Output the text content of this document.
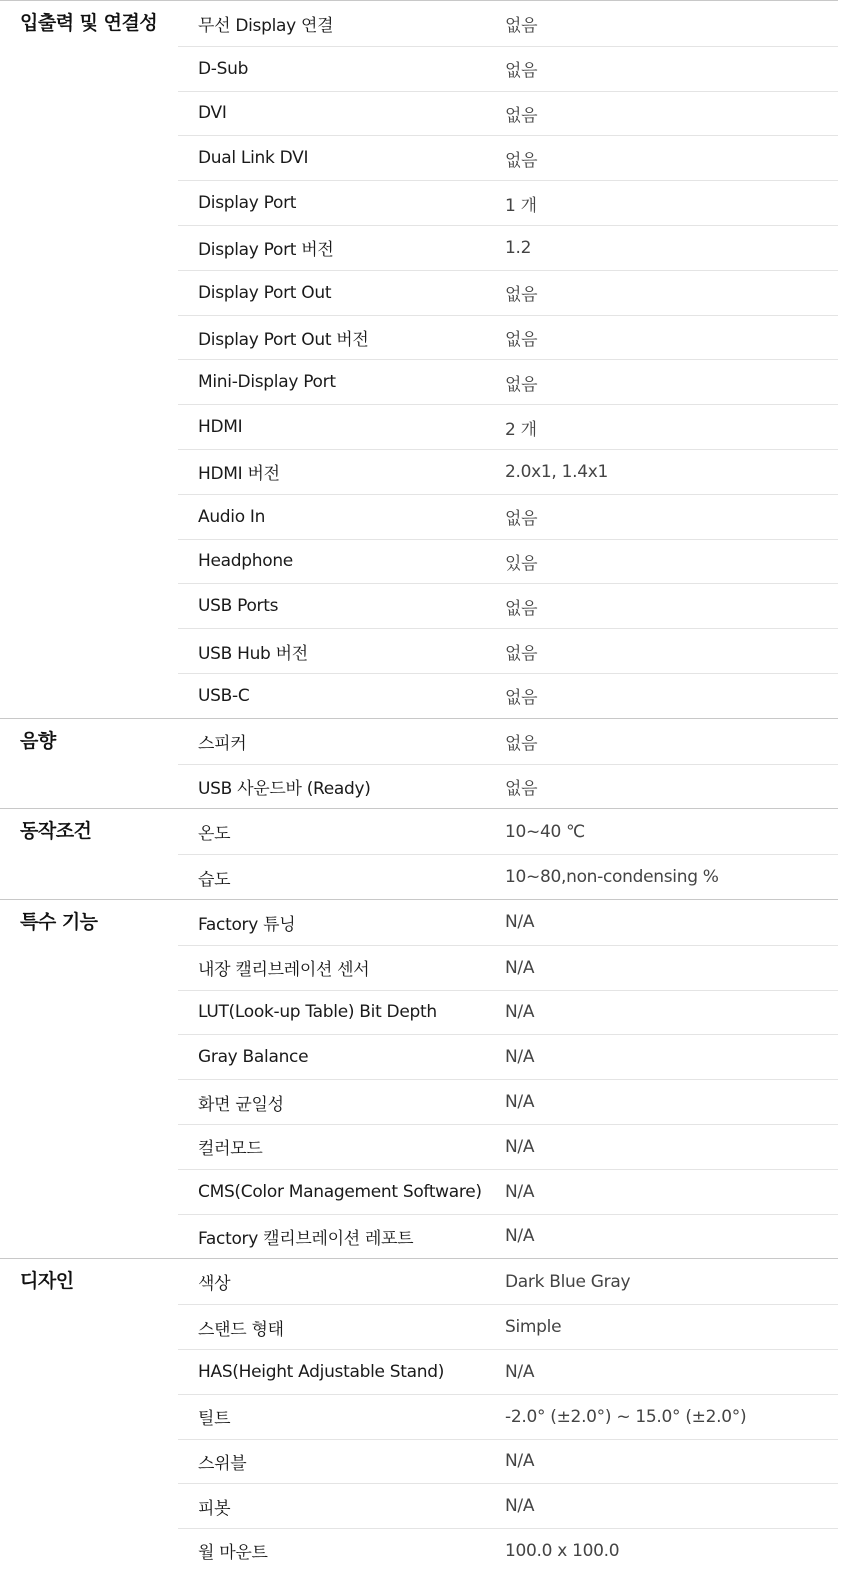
입출력 및 연결성	무선 Display 연결	없음
D-Sub	없음
DVI	없음
Dual Link DVI	없음
Display Port	1 개
Display Port 버전	1.2
Display Port Out	없음
Display Port Out 버전	없음
Mini-Display Port	없음
HDMI	2 개
HDMI 버전	2.0x1, 1.4x1
Audio In	없음
Headphone	있음
USB Ports	없음
USB Hub 버전	없음
USB-C	없음
음향	스피커	없음
USB 사운드바 (Ready)	없음
동작조건	온도	10~40 ℃
습도	10~80,non-condensing %
특수 기능	Factory 튜닝	N/A
내장 캘리브레이션 센서	N/A
LUT(Look-up Table) Bit Depth	N/A
Gray Balance	N/A
화면 균일성	N/A
컬러모드	N/A
CMS(Color Management Software)	N/A
Factory 캘리브레이션 레포트	N/A
디자인	색상	Dark Blue Gray
스탠드 형태	Simple
HAS(Height Adjustable Stand)	N/A
틸트	-2.0° (±2.0°) ~ 15.0° (±2.0°)
스위블	N/A
피봇	N/A
월 마운트	100.0 x 100.0
